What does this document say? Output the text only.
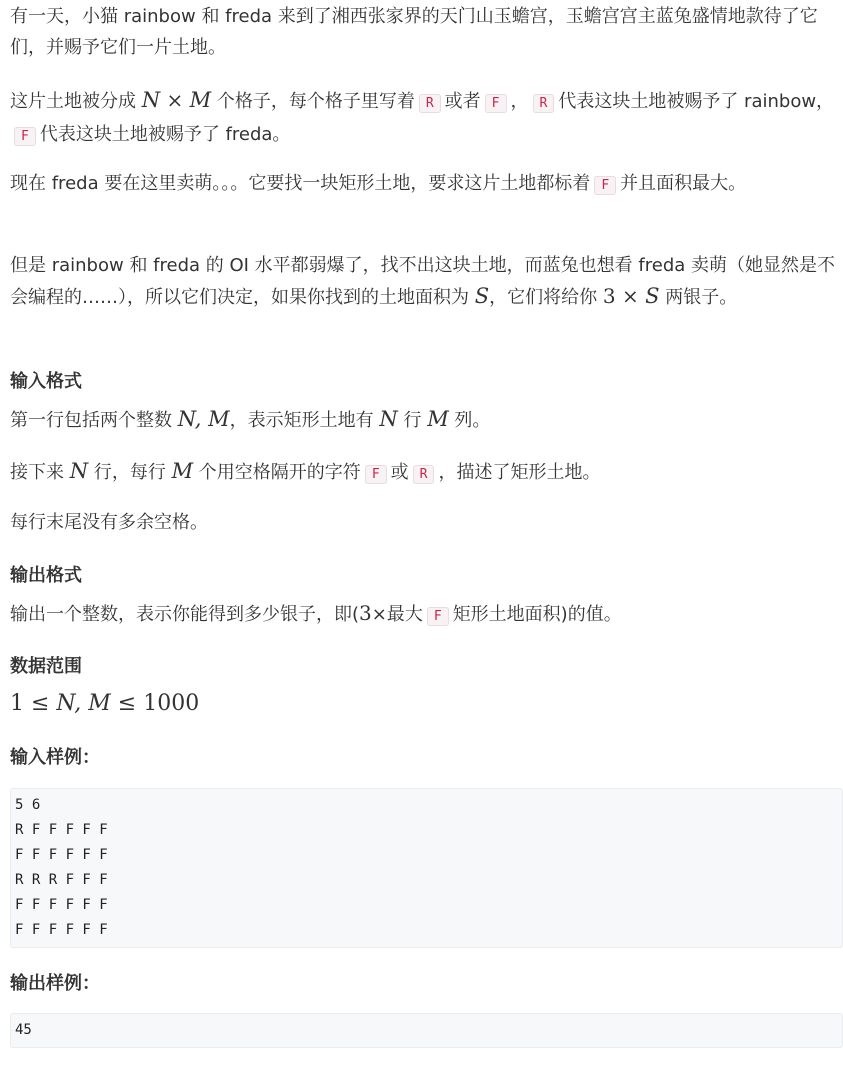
有一天，小猫 rainbow 和 freda 来到了湘西张家界的天门山玉蟾宫，玉蟾宫宫主蓝兔盛情地款待了它们，并赐予它们一片土地。

这片土地被分成 N × M 个格子，每个格子里写着 R 或者 F ， R 代表这块土地被赐予了 rainbow，F 代表这块土地被赐予了 freda。

现在 freda 要在这里卖萌。。。它要找一块矩形土地，要求这片土地都标着 F 并且面积最大。

但是 rainbow 和 freda 的 OI 水平都弱爆了，找不出这块土地，而蓝兔也想看 freda 卖萌（她显然是不会编程的……），所以它们决定，如果你找到的土地面积为 S，它们将给你 3 × S 两银子。

输入格式

第一行包括两个整数 N, M，表示矩形土地有 N 行 M 列。

接下来 N 行，每行 M 个用空格隔开的字符 F 或 R ，描述了矩形土地。

每行末尾没有多余空格。

输出格式

输出一个整数，表示你能得到多少银子，即(3×最大 F 矩形土地面积)的值。

数据范围

1 ≤ N, M ≤ 1000

输入样例：
5 6
R F F F F F
F F F F F F
R R R F F F
F F F F F F
F F F F F F
输出样例：
45
